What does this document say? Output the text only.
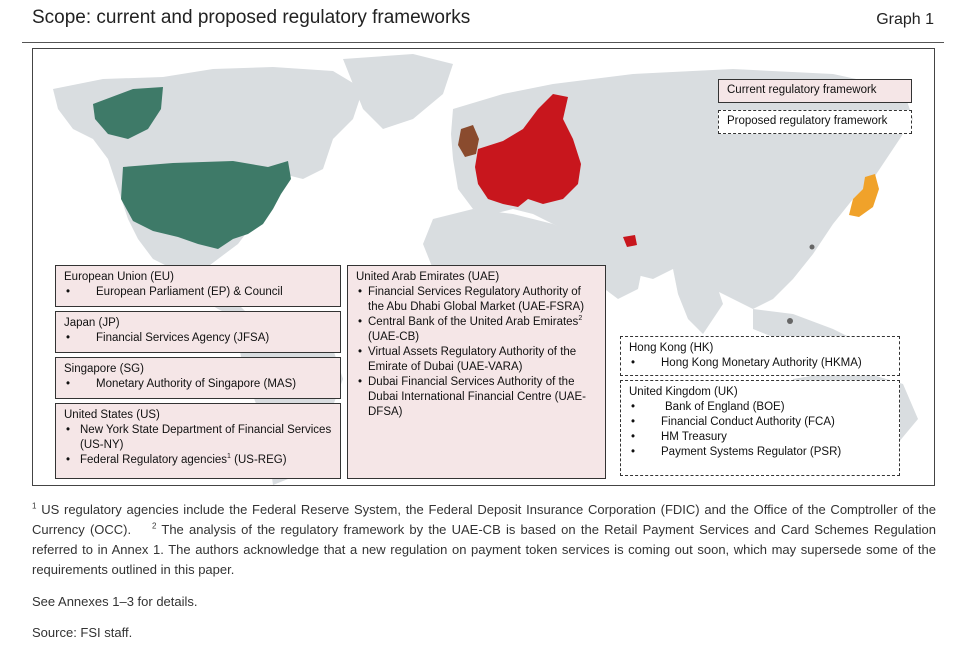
Scope: current and proposed regulatory frameworks	Graph 1
Current regulatory framework
Proposed regulatory framework
European Union (EU)
• European Parliament (EP) & Council
Japan (JP)
• Financial Services Agency (JFSA)
Singapore (SG)
• Monetary Authority of Singapore (MAS)
United States (US)
• New York State Department of Financial Services (US-NY)
• Federal Regulatory agencies$^1$ (US-REG)
United Arab Emirates (UAE)
• Financial Services Regulatory Authority of the Abu Dhabi Global Market (UAE-FSRA)
• Central Bank of the United Arab Emirates$^2$ (UAE-CB)
• Virtual Assets Regulatory Authority of the Emirate of Dubai (UAE-VARA)
• Dubai Financial Services Authority of the Dubai International Financial Centre (UAE-DFSA)
Hong Kong (HK)
• Hong Kong Monetary Authority (HKMA)
United Kingdom (UK)
• Bank of England (BOE)
• Financial Conduct Authority (FCA)
• HM Treasury
• Payment Systems Regulator (PSR)

$^1$ US regulatory agencies include the Federal Reserve System, the Federal Deposit Insurance Corporation (FDIC) and the Office of the Comptroller of the Currency (OCC).	$^2$ The analysis of the regulatory framework by the UAE-CB is based on the Retail Payment Services and Card Schemes Regulation referred to in Annex 1. The authors acknowledge that a new regulation on payment token services is coming out soon, which may supersede some of the requirements outlined in this paper.

See Annexes 1–3 for details.
Source: FSI staff.
